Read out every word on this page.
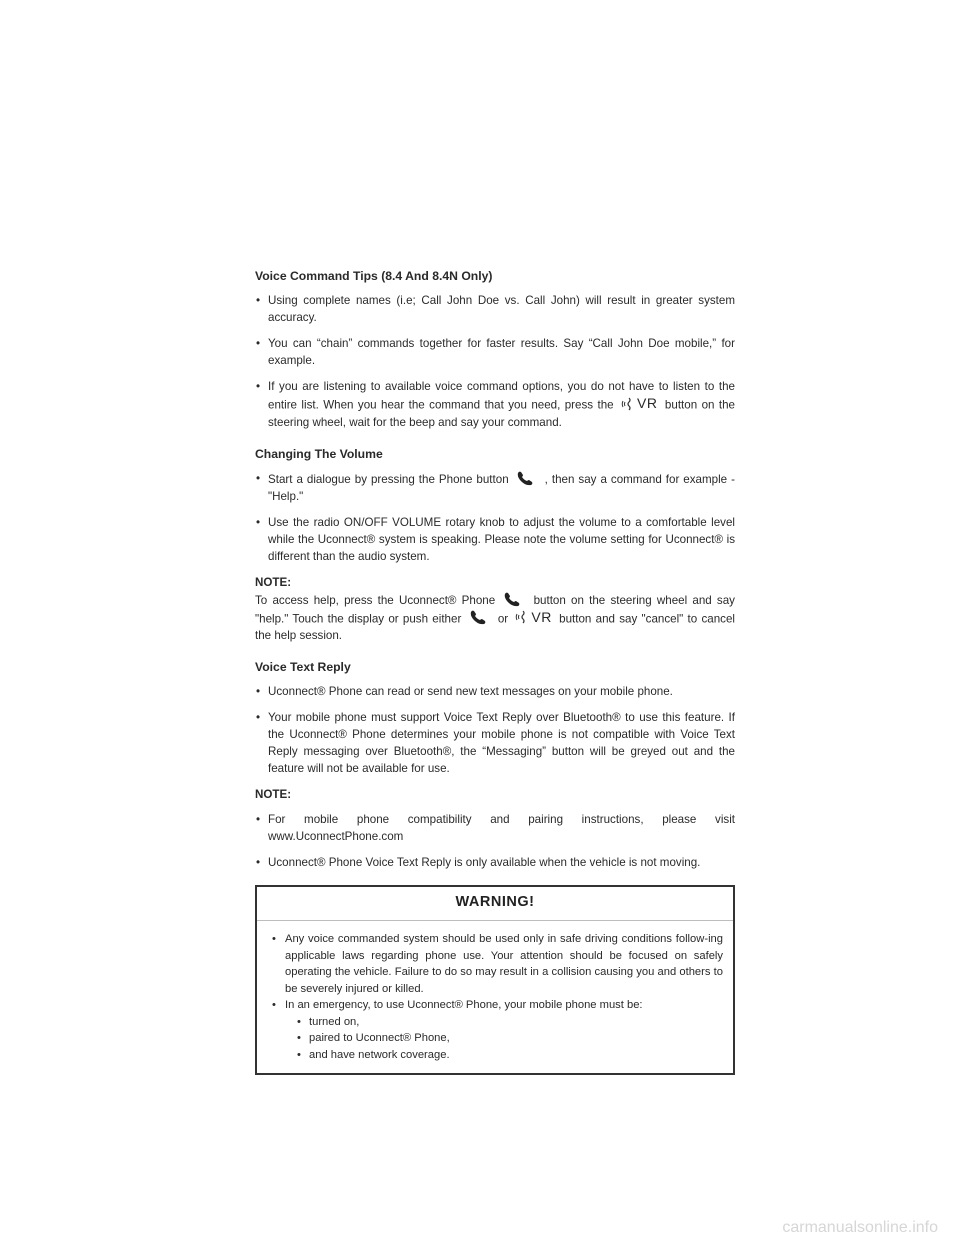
Voice Command Tips (8.4 And 8.4N Only)
• Using complete names (i.e; Call John Doe vs. Call John) will result in greater system accuracy.
• You can “chain” commands together for faster results. Say “Call John Doe mobile,” for example.
• If you are listening to available voice command options, you do not have to listen to the entire list. When you hear the command that you need, press the VR button on the steering wheel, wait for the beep and say your command.
Changing The Volume
• Start a dialogue by pressing the Phone button	, then say a command for example - "Help."
• Use the radio ON/OFF VOLUME rotary knob to adjust the volume to a comfortable level while the Uconnect® system is speaking. Please note the volume setting for Uconnect® is different than the audio system.
NOTE:
To access help, press the Uconnect® Phone	button on the steering wheel and say "help." Touch the display or push either	or VR button and say "cancel" to cancel the help session.
Voice Text Reply
• Uconnect® Phone can read or send new text messages on your mobile phone.
• Your mobile phone must support Voice Text Reply over Bluetooth® to use this feature. If the Uconnect® Phone determines your mobile phone is not compatible with Voice Text Reply messaging over Bluetooth®, the “Messaging” button will be greyed out and the feature will not be available for use.
NOTE:
• For mobile phone compatibility and pairing instructions, please visit www.UconnectPhone.com
• Uconnect® Phone Voice Text Reply is only available when the vehicle is not moving.
WARNING!
• Any voice commanded system should be used only in safe driving conditions follow-ing applicable laws regarding phone use. Your attention should be focused on safely operating the vehicle. Failure to do so may result in a collision causing you and others to be severely injured or killed.
• In an emergency, to use Uconnect® Phone, your mobile phone must be:
• turned on,
• paired to Uconnect® Phone,
• and have network coverage.
carmanualsonline.info
